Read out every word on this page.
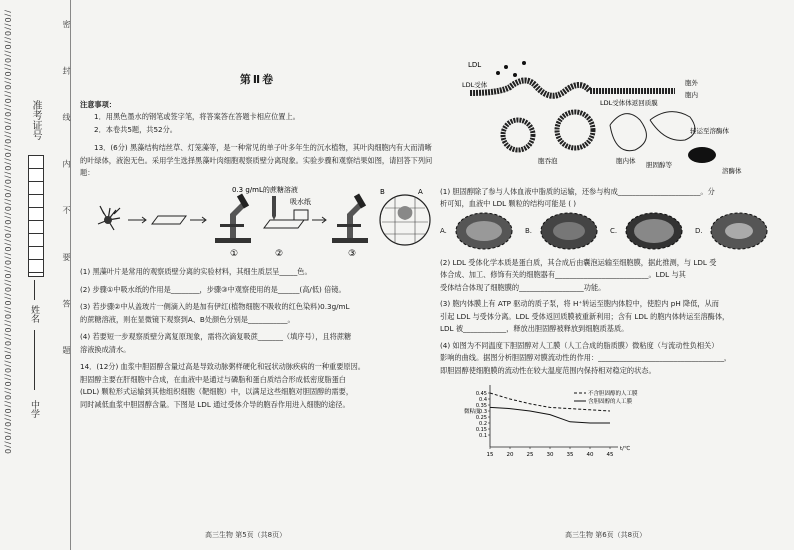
//0//0//0//0//0//0//0//0//0//0//0//0//0//0//0//0//0//0//0//0//0//0//0//0//0//0//0//0//0//0//0//0//0 中学
姓名
准考证号	密 封 线 内 不 要 答 题	第Ⅱ卷

注意事项：

1．用黑色墨水的钢笔或签字笔，将答案答在答题卡相应位置上。

2．本卷共5题，共52分。

13．(6分) 黑藻结构结丝草、灯笼藻等，是一种常见的单子叶多年生的沉水植物，其叶肉细胞内有大而清晰的叶绿体，液泡无色。采用学生选择黑藻叶肉细胞观察质壁分离现象。实验步骤和观察结果如图，请回答下列问题：

①
0.3 g/mL的蔗糖溶液
吸水纸
②	③
B	A

(1) 黑藻叶片是常用的观察质壁分离的实验材料，其细生质层呈_____色。

(2) 步骤①中吸水纸的作用是________，步骤③中观察使用的是______(高/低) 倍镜。

(3) 若步骤②中从盖玻片一侧滴入的是加有伊红(植物细胞不吸收的红色染料)0.3g/mL

的蔗糖溶液，则在显微镜下观察到A、B处颜色分别是___________。

(4) 若要短一步观察质壁分离复原现象，需将次滴复吸蔗_______（填序号），且将蔗糖

溶液换成清水。

14．(12分) 血浆中胆固醇含量过高是导致动脉粥样硬化和冠状动脉疾病的一种重要原因。

胆固醇主要在肝细胞中合成，在血液中是通过与磷脂和蛋白质结合形成低密度脂蛋白

(LDL) 颗粒形式运输到其他组织细胞（靶细胞）中，以满足这些细胞对胆固醇的需要，

同时减低血浆中胆固醇含量。下图是 LDL 通过受体介导的胞吞作用进入细胞的途径。

高三生物 第5页（共8页）
LDL
LDL受体	胞外
胞内
LDL受体体返回质膜
胞吞泡	胞内体
转运至溶酶体
胆固醇等
溶酶体

(1) 胆固醇除了参与人体血液中脂质的运输，还参与构成_______________________。分

析可知，血液中 LDL 颗粒的结构可能是 ( )

A.	B.	C.	D.

(2) LDL 受体化学本质是蛋白质，其合成后由囊泡运输至细胞膜，据此推测，与 LDL 受

体合成、加工、修饰有关的细胞器有__________________________。LDL 与其

受体结合体现了细胞膜的__________________功能。

(3) 胞内体膜上有 ATP 驱动的质子泵，将 H⁺转运至胞内体腔中，使腔内 pH 降低，从而

引起 LDL 与受体分离。LDL 受体返回质膜被重新利用；含有 LDL 的胞内体转运至溶酶体，

LDL 被____________，释放出胆固醇被释放到细胞质基质。

(4) 如图为不同温度下胆固醇对人工膜（人工合成的脂质膜）微粘度（与流动性负相关）

影响的曲线。据图分析胆固醇对膜流动性的作用：___________________________________，

即胆固醇使细胞膜的流动性在较大温度范围内保持相对稳定的状态。

15 20 25 30 35 40 45
0.1
0.15
0.2
0.25
0.3
0.35
0.4
0.45
t/℃
微粘度
不含胆固醇的人工膜
含胆固醇的人工膜
高三生物 第6页（共8页）
